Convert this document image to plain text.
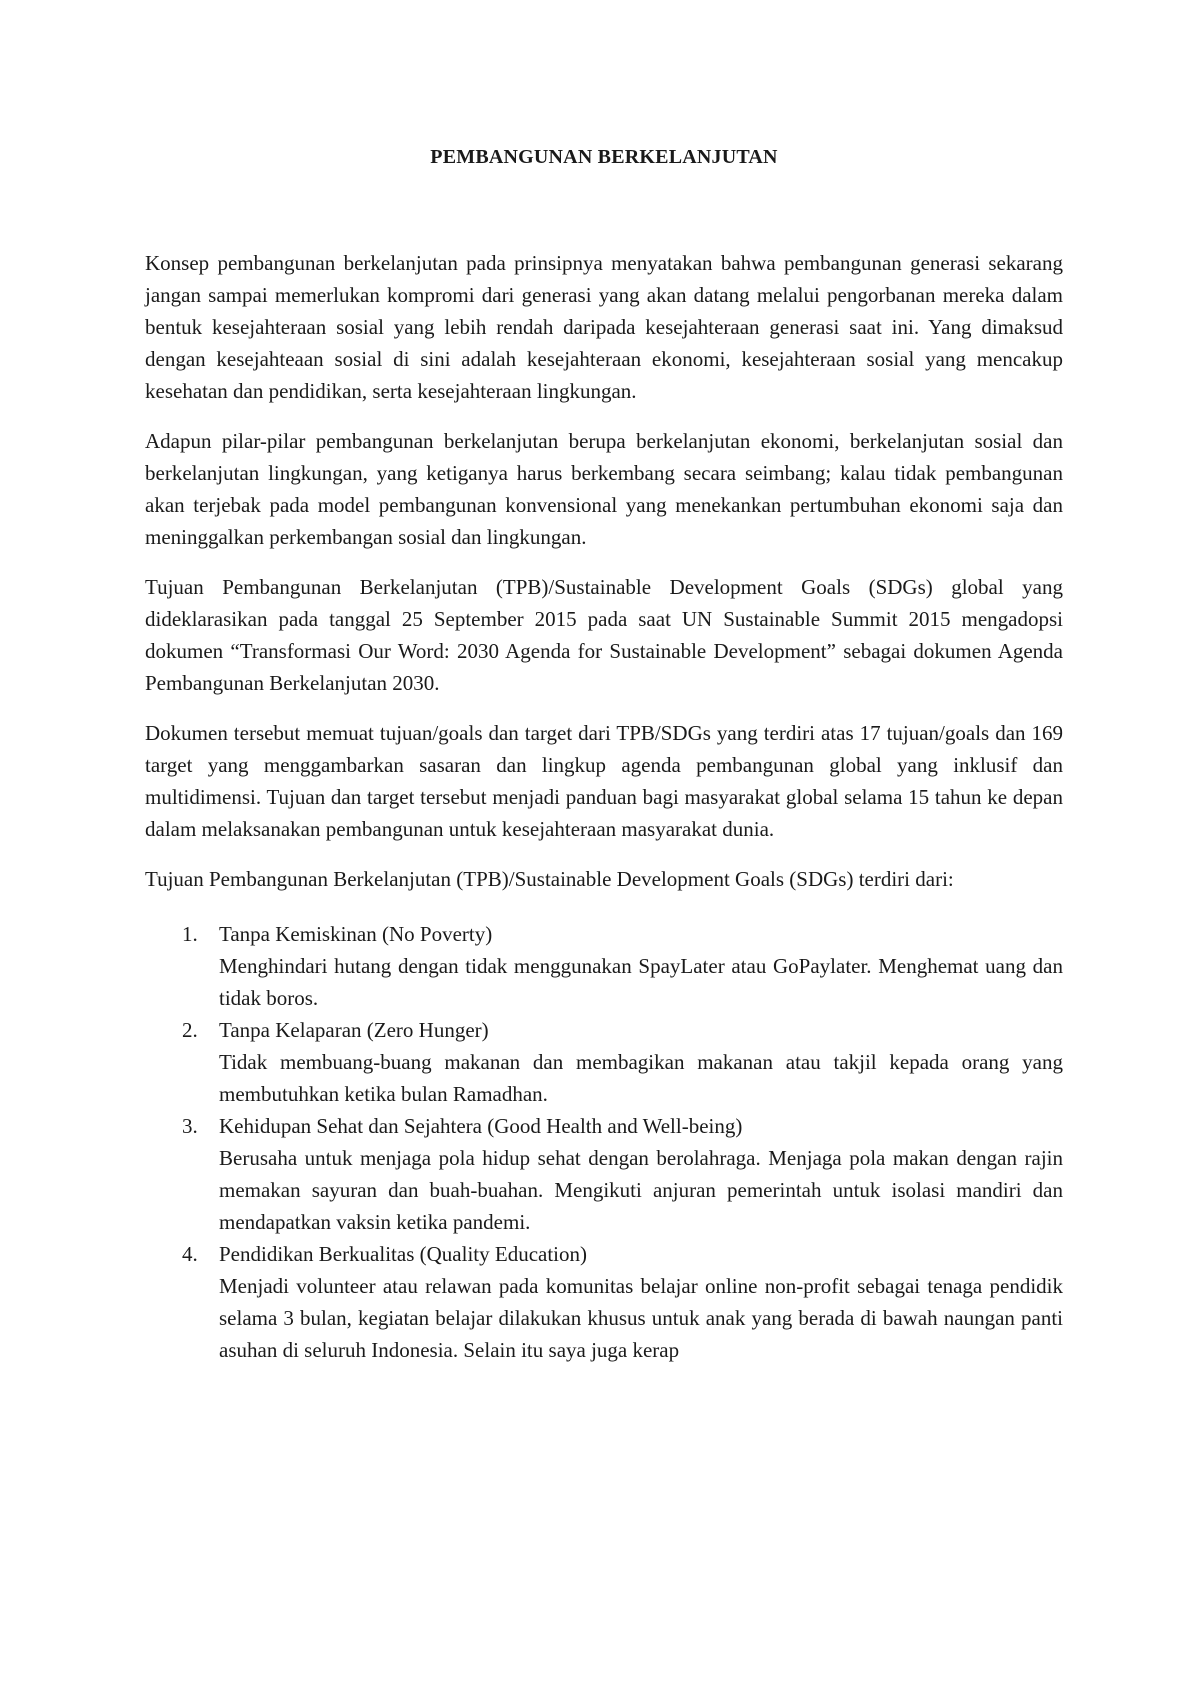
PEMBANGUNAN BERKELANJUTAN

Konsep pembangunan berkelanjutan pada prinsipnya menyatakan bahwa pembangunan generasi sekarang jangan sampai memerlukan kompromi dari generasi yang akan datang melalui pengorbanan mereka dalam bentuk kesejahteraan sosial yang lebih rendah daripada kesejahteraan generasi saat ini. Yang dimaksud dengan kesejahteaan sosial di sini adalah kesejahteraan ekonomi, kesejahteraan sosial yang mencakup kesehatan dan pendidikan, serta kesejahteraan lingkungan.

Adapun pilar-pilar pembangunan berkelanjutan berupa berkelanjutan ekonomi, berkelanjutan sosial dan berkelanjutan lingkungan, yang ketiganya harus berkembang secara seimbang; kalau tidak pembangunan akan terjebak pada model pembangunan konvensional yang menekankan pertumbuhan ekonomi saja dan meninggalkan perkembangan sosial dan lingkungan.

Tujuan Pembangunan Berkelanjutan (TPB)/Sustainable Development Goals (SDGs) global yang dideklarasikan pada tanggal 25 September 2015 pada saat UN Sustainable Summit 2015 mengadopsi dokumen “Transformasi Our Word: 2030 Agenda for Sustainable Development” sebagai dokumen Agenda Pembangunan Berkelanjutan 2030.

Dokumen tersebut memuat tujuan/goals dan target dari TPB/SDGs yang terdiri atas 17 tujuan/goals dan 169 target yang menggambarkan sasaran dan lingkup agenda pembangunan global yang inklusif dan multidimensi. Tujuan dan target tersebut menjadi panduan bagi masyarakat global selama 15 tahun ke depan dalam melaksanakan pembangunan untuk kesejahteraan masyarakat dunia.

Tujuan Pembangunan Berkelanjutan (TPB)/Sustainable Development Goals (SDGs) terdiri dari:

1. Tanpa Kemiskinan (No Poverty)
Menghindari hutang dengan tidak menggunakan SpayLater atau GoPaylater. Menghemat uang dan tidak boros.
2. Tanpa Kelaparan (Zero Hunger)
Tidak membuang-buang makanan dan membagikan makanan atau takjil kepada orang yang membutuhkan ketika bulan Ramadhan.
3. Kehidupan Sehat dan Sejahtera (Good Health and Well-being)
Berusaha untuk menjaga pola hidup sehat dengan berolahraga. Menjaga pola makan dengan rajin memakan sayuran dan buah-buahan. Mengikuti anjuran pemerintah untuk isolasi mandiri dan mendapatkan vaksin ketika pandemi.
4. Pendidikan Berkualitas (Quality Education)
Menjadi volunteer atau relawan pada komunitas belajar online non-profit sebagai tenaga pendidik selama 3 bulan, kegiatan belajar dilakukan khusus untuk anak yang berada di bawah naungan panti asuhan di seluruh Indonesia. Selain itu saya juga kerap
